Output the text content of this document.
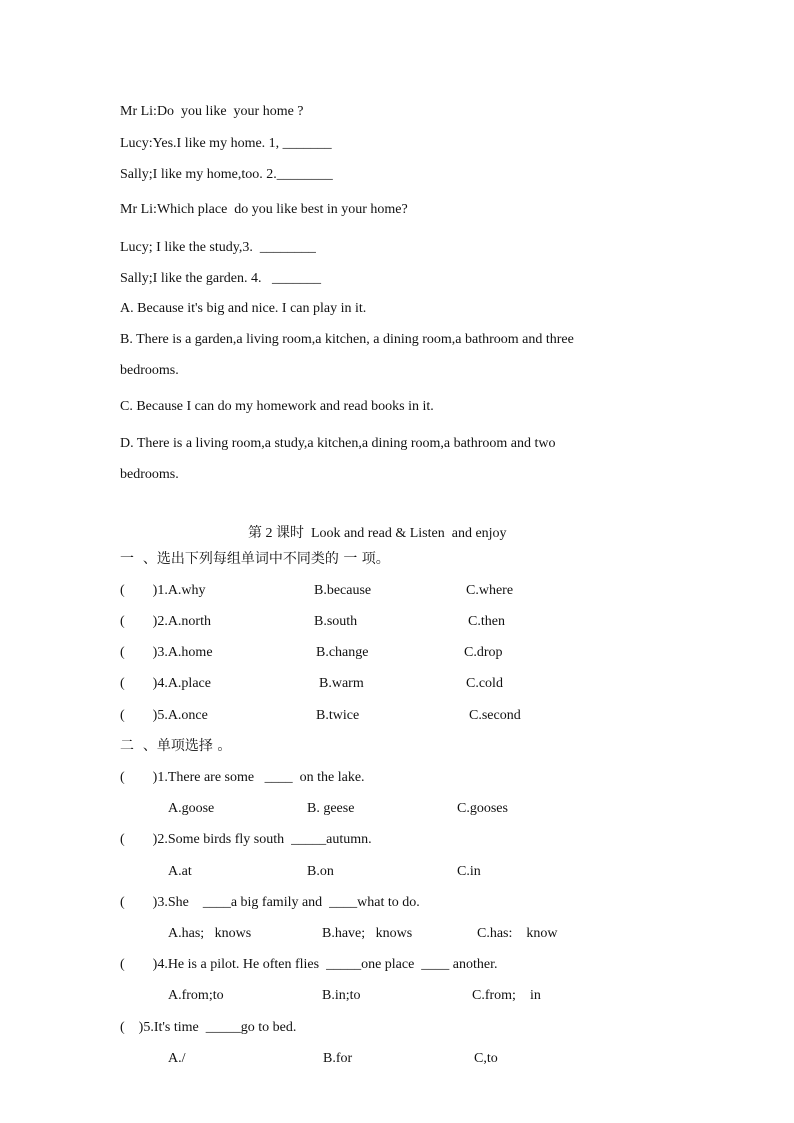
Mr Li:Do  you like  your home ?
Lucy:Yes.I like my home. 1, _______
Sally;I like my home,too. 2.________
Mr Li:Which place  do you like best in your home?
Lucy; I like the study,3.  ________
Sally;I like the garden. 4.   _______
A. Because it's big and nice. I can play in it.
B. There is a garden,a living room,a kitchen, a dining room,a bathroom and three
bedrooms.
C. Because I can do my homework and read books in it.
D. There is a living room,a study,a kitchen,a dining room,a bathroom and two
bedrooms.
第 2 课时  Look and read & Listen  and enjoy
一  、选出下列每组单词中不同类的 一 项。
(        )1.A.why	B.because	C.where
(        )2.A.north	B.south	C.then
(        )3.A.home	B.change	C.drop
(        )4.A.place	B.warm	C.cold
(        )5.A.once	B.twice	C.second
二  、单项选择 。
(        )1.There are some   ____  on the lake.
A.goose	B. geese	C.gooses
(        )2.Some birds fly south  _____autumn.
A.at	B.on	C.in
(        )3.She    ____a big family and  ____what to do.
A.has;   knows	B.have;   knows	C.has:    know
(        )4.He is a pilot. He often flies  _____one place  ____ another.
A.from;to	B.in;to	C.from;    in
(    )5.It's time  _____go to bed.
A./	B.for	C,to
